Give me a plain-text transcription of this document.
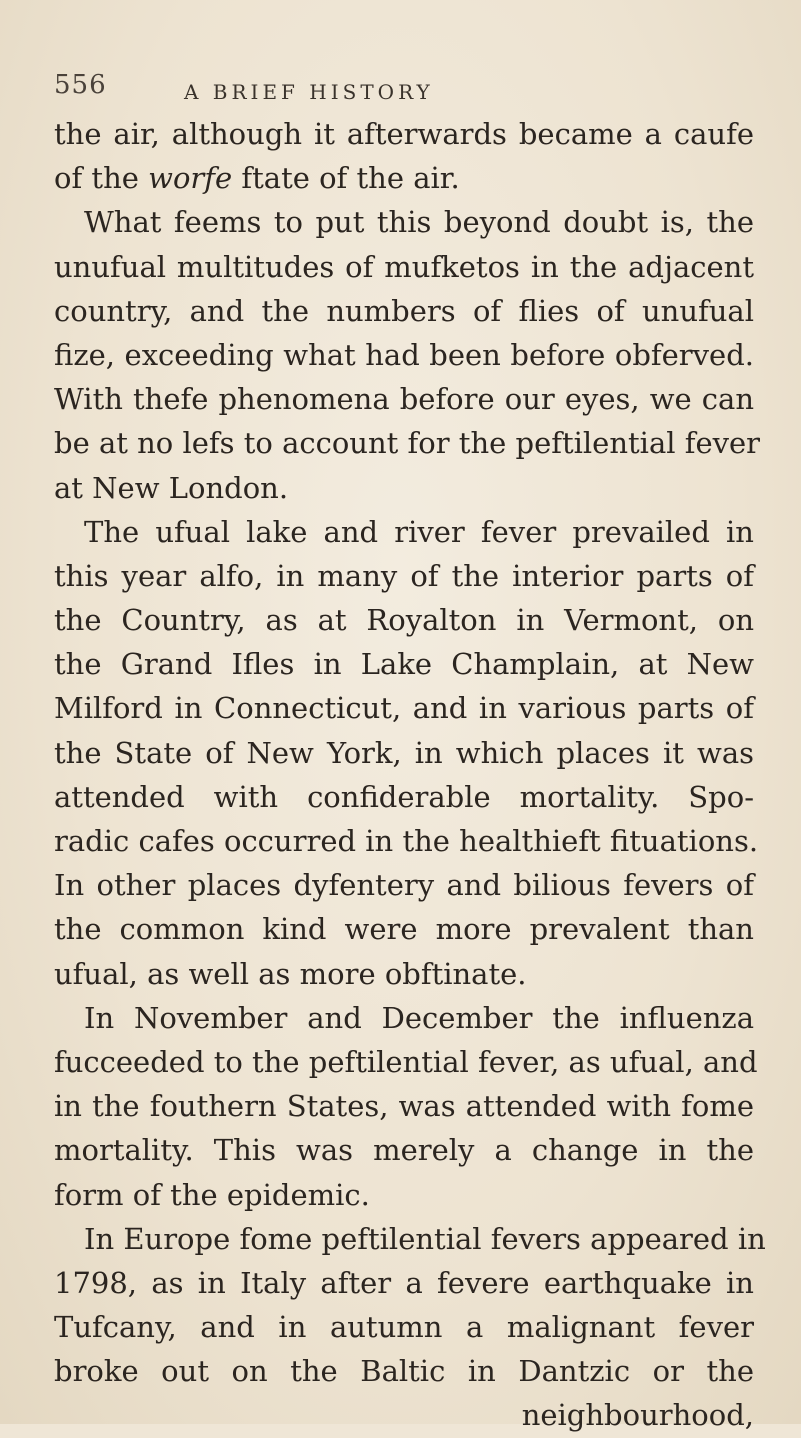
556	A BRIEF HISTORY
the air, although it afterwards became a caufe
of the worfe ftate of the air.
What feems to put this beyond doubt is, the
unufual multitudes of mufketos in the adjacent
country, and the numbers of flies of unufual
fize, exceeding what had been before obferved.
With thefe phenomena before our eyes, we can
be at no lefs to account for the peftilential fever
at New London.
The ufual lake and river fever prevailed in
this year alfo, in many of the interior parts of
the Country, as at Royalton in Vermont, on
the Grand Ifles in Lake Champlain, at New
Milford in Connecticut, and in various parts of
the State of New York, in which places it was
attended with confiderable mortality. Spo-
radic cafes occurred in the healthieft fituations.
In other places dyfentery and bilious fevers of
the common kind were more prevalent than
ufual, as well as more obftinate.
In November and December the influenza
fucceeded to the peftilential fever, as ufual, and
in the fouthern States, was attended with fome
mortality. This was merely a change in the
form of the epidemic.
In Europe fome peftilential fevers appeared in
1798, as in Italy after a fevere earthquake in
Tufcany, and in autumn a malignant fever
broke out on the Baltic in Dantzic or the
neighbourhood,
